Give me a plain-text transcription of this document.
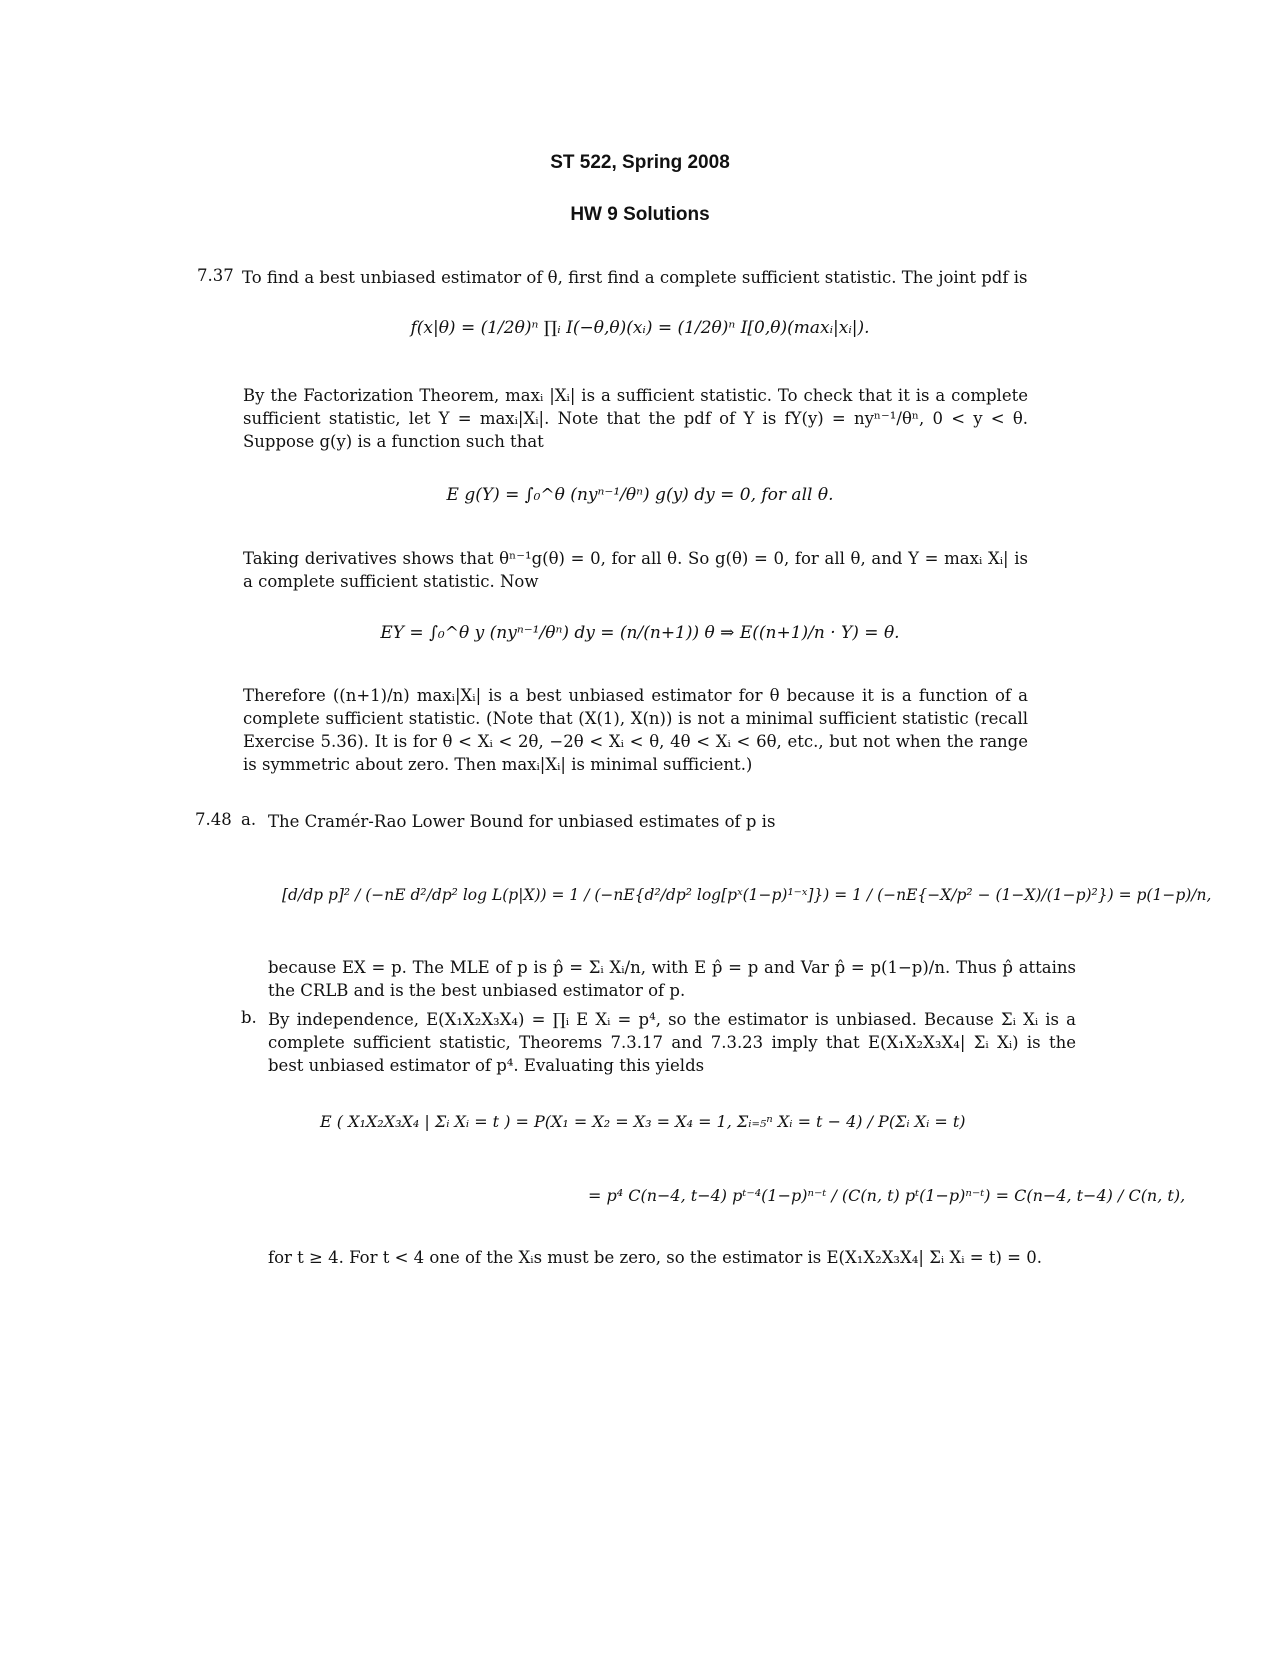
ST 522, Spring 2008
HW 9 Solutions
7.37 To find a best unbiased estimator of θ, first find a complete sufficient statistic. The joint pdf is
f(x|θ) = (1/2θ)ⁿ ∏ᵢ I(−θ,θ)(xᵢ) = (1/2θ)ⁿ I[0,θ)(maxᵢ|xᵢ|).
By the Factorization Theorem, maxᵢ |Xᵢ| is a sufficient statistic. To check that it is a complete sufficient statistic, let Y = maxᵢ|Xᵢ|. Note that the pdf of Y is fY(y) = nyⁿ⁻¹/θⁿ, 0 < y < θ. Suppose g(y) is a function such that
E g(Y) = ∫₀^θ (nyⁿ⁻¹/θⁿ) g(y) dy = 0, for all θ.
Taking derivatives shows that θⁿ⁻¹g(θ) = 0, for all θ. So g(θ) = 0, for all θ, and Y = maxᵢ Xᵢ| is a complete sufficient statistic. Now
EY = ∫₀^θ y (nyⁿ⁻¹/θⁿ) dy = (n/(n+1)) θ ⇒ E((n+1)/n · Y) = θ.
Therefore ((n+1)/n) maxᵢ|Xᵢ| is a best unbiased estimator for θ because it is a function of a complete sufficient statistic. (Note that (X(1), X(n)) is not a minimal sufficient statistic (recall Exercise 5.36). It is for θ < Xᵢ < 2θ, −2θ < Xᵢ < θ, 4θ < Xᵢ < 6θ, etc., but not when the range is symmetric about zero. Then maxᵢ|Xᵢ| is minimal sufficient.)
7.48 a. The Cramér-Rao Lower Bound for unbiased estimates of p is
[d/dp p]² / (−nE d²/dp² log L(p|X)) = 1 / (−nE{d²/dp² log[pˣ(1−p)¹⁻ˣ]}) = 1 / (−nE{−X/p² − (1−X)/(1−p)²}) = p(1−p)/n,
because EX = p. The MLE of p is p̂ = Σᵢ Xᵢ/n, with E p̂ = p and Var p̂ = p(1−p)/n. Thus p̂ attains the CRLB and is the best unbiased estimator of p.
b. By independence, E(X₁X₂X₃X₄) = ∏ᵢ E Xᵢ = p⁴, so the estimator is unbiased. Because Σᵢ Xᵢ is a complete sufficient statistic, Theorems 7.3.17 and 7.3.23 imply that E(X₁X₂X₃X₄| Σᵢ Xᵢ) is the best unbiased estimator of p⁴. Evaluating this yields
E ( X₁X₂X₃X₄ | Σᵢ Xᵢ = t ) = P(X₁ = X₂ = X₃ = X₄ = 1, Σᵢ₌₅ⁿ Xᵢ = t − 4) / P(Σᵢ Xᵢ = t)
= p⁴ C(n−4, t−4) pᵗ⁻⁴(1−p)ⁿ⁻ᵗ / (C(n, t) pᵗ(1−p)ⁿ⁻ᵗ) = C(n−4, t−4) / C(n, t),
for t ≥ 4. For t < 4 one of the Xᵢs must be zero, so the estimator is E(X₁X₂X₃X₄| Σᵢ Xᵢ = t) = 0.
